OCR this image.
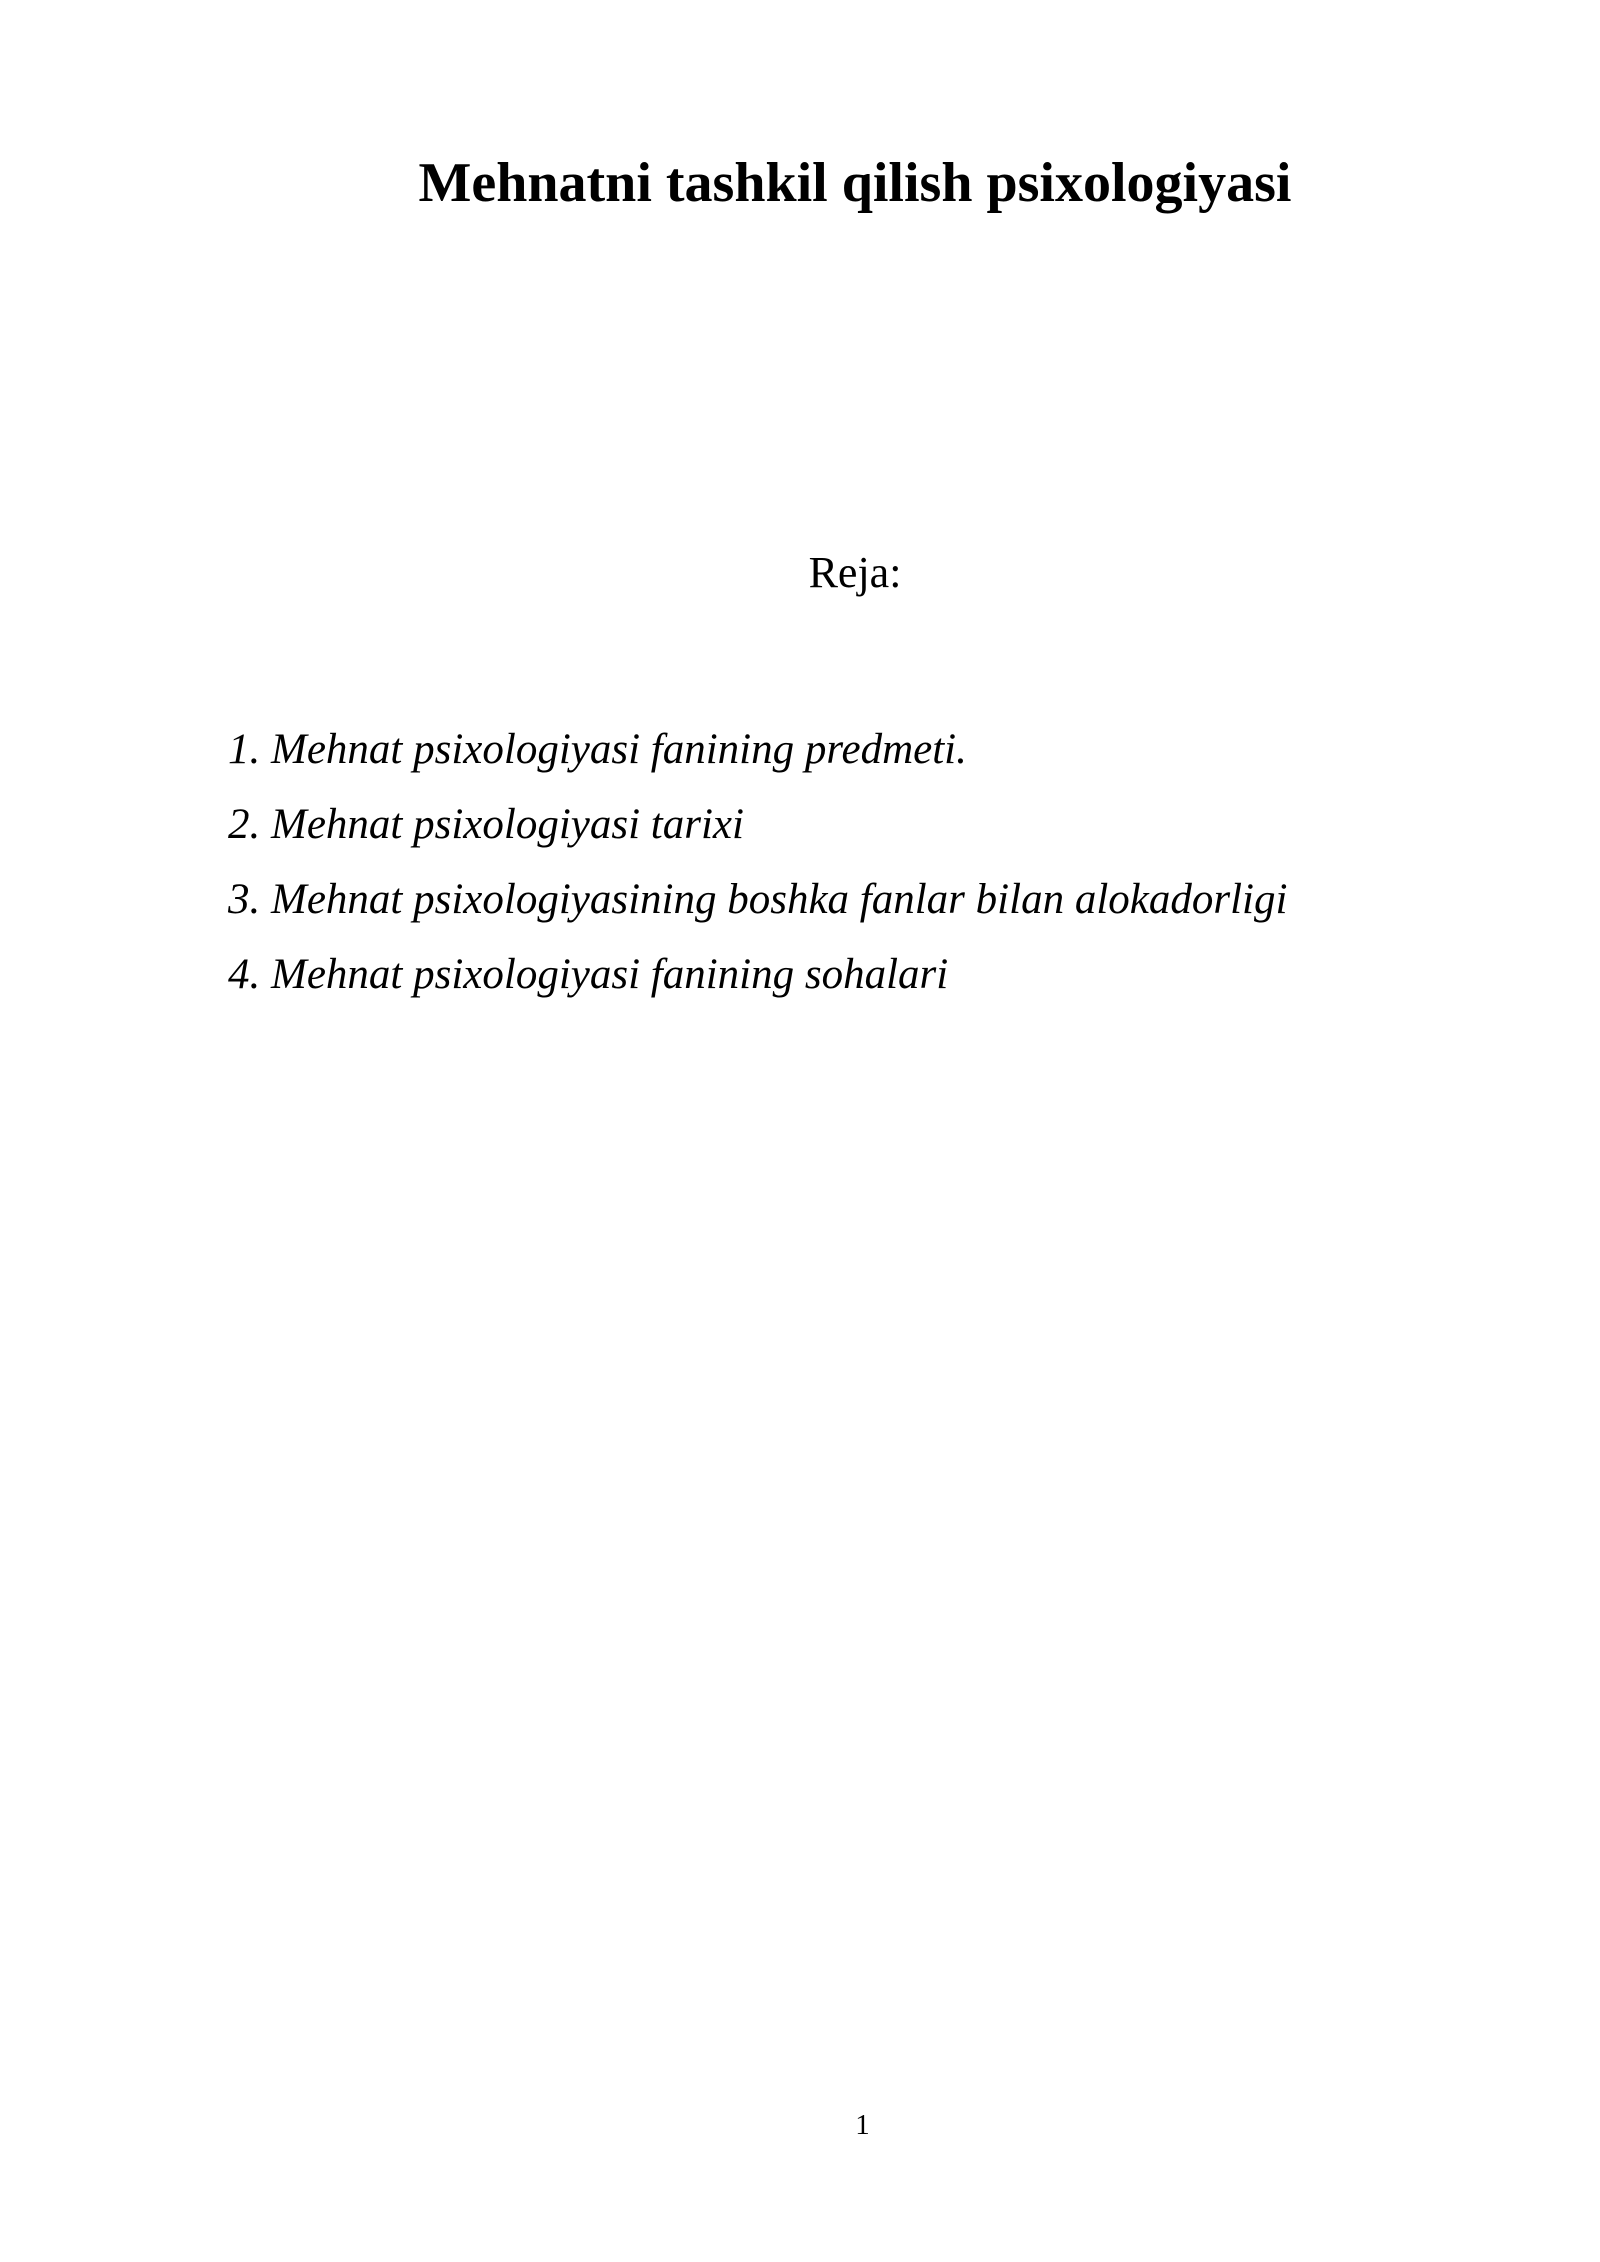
Mehnatni tashkil qilish psixologiyasi

Reja:

1. Mehnat psixologiyasi fanining predmeti.
2. Mehnat psixologiyasi tarixi
3. Mehnat psixologiyasining boshka fanlar bilan alokadorligi
4. Mehnat psixologiyasi fanining sohalari
1
